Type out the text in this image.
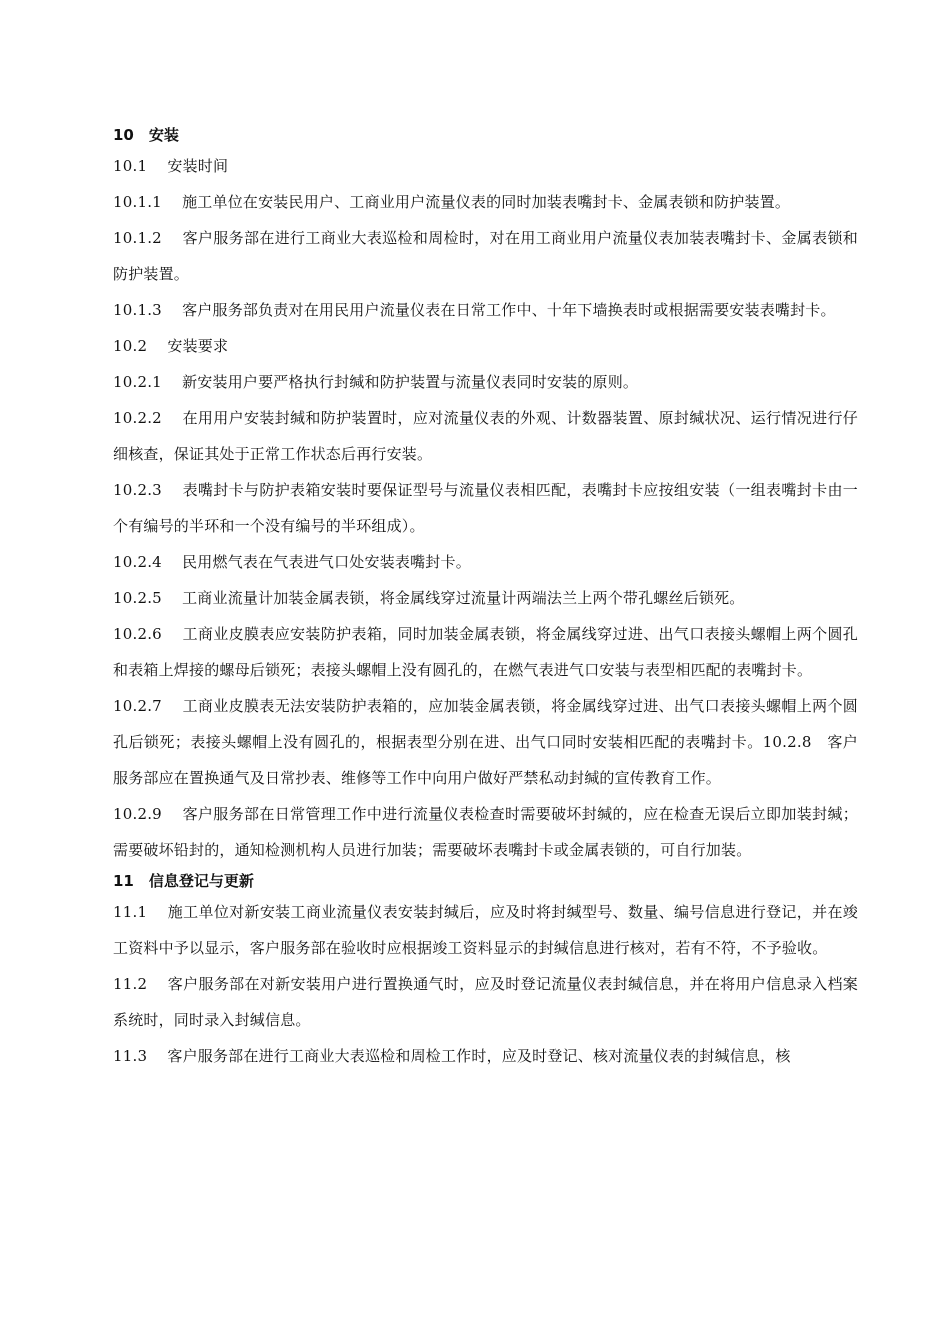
10　安装

10.1　 安装时间

10.1.1　 施工单位在安装民用户、工商业用户流量仪表的同时加装表嘴封卡、金属表锁和防护装置。

10.1.2　 客户服务部在进行工商业大表巡检和周检时，对在用工商业用户流量仪表加装表嘴封卡、金属表锁和防护装置。

10.1.3　 客户服务部负责对在用民用户流量仪表在日常工作中、十年下墙换表时或根据需要安装表嘴封卡。

10.2　 安装要求

10.2.1　 新安装用户要严格执行封缄和防护装置与流量仪表同时安装的原则。

10.2.2　 在用用户安装封缄和防护装置时，应对流量仪表的外观、计数器装置、原封缄状况、运行情况进行仔细核查，保证其处于正常工作状态后再行安装。

10.2.3　 表嘴封卡与防护表箱安装时要保证型号与流量仪表相匹配，表嘴封卡应按组安装（一组表嘴封卡由一个有编号的半环和一个没有编号的半环组成）。

10.2.4　 民用燃气表在气表进气口处安装表嘴封卡。

10.2.5　 工商业流量计加装金属表锁，将金属线穿过流量计两端法兰上两个带孔螺丝后锁死。

10.2.6　 工商业皮膜表应安装防护表箱，同时加装金属表锁，将金属线穿过进、出气口表接头螺帽上两个圆孔和表箱上焊接的螺母后锁死；表接头螺帽上没有圆孔的，在燃气表进气口安装与表型相匹配的表嘴封卡。

10.2.7　 工商业皮膜表无法安装防护表箱的，应加装金属表锁，将金属线穿过进、出气口表接头螺帽上两个圆孔后锁死；表接头螺帽上没有圆孔的，根据表型分别在进、出气口同时安装相匹配的表嘴封卡。10.2.8　客户服务部应在置换通气及日常抄表、维修等工作中向用户做好严禁私动封缄的宣传教育工作。

10.2.9　 客户服务部在日常管理工作中进行流量仪表检查时需要破坏封缄的，应在检查无误后立即加装封缄；需要破坏铅封的，通知检测机构人员进行加装；需要破坏表嘴封卡或金属表锁的，可自行加装。

11　信息登记与更新

11.1　 施工单位对新安装工商业流量仪表安装封缄后，应及时将封缄型号、数量、编号信息进行登记，并在竣工资料中予以显示，客户服务部在验收时应根据竣工资料显示的封缄信息进行核对，若有不符，不予验收。

11.2　 客户服务部在对新安装用户进行置换通气时，应及时登记流量仪表封缄信息，并在将用户信息录入档案系统时，同时录入封缄信息。

11.3　 客户服务部在进行工商业大表巡检和周检工作时，应及时登记、核对流量仪表的封缄信息，核
